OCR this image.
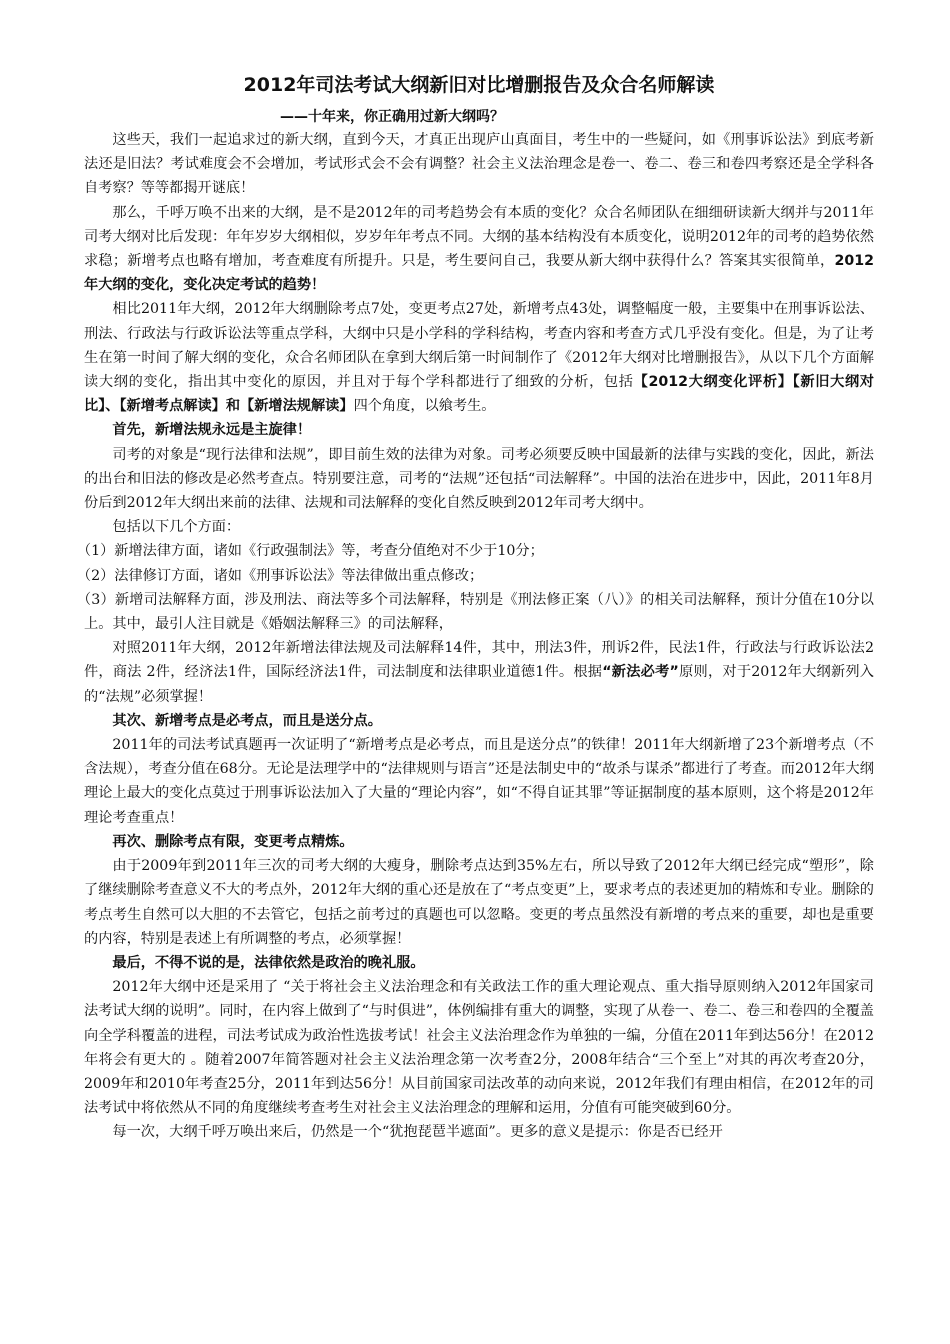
2012年司法考试大纲新旧对比增删报告及众合名师解读
——十年来，你正确用过新大纲吗？

这些天，我们一起追求过的新大纲，直到今天，才真正出现庐山真面目，考生中的一些疑问，如《刑事诉讼法》到底考新法还是旧法？考试难度会不会增加，考试形式会不会有调整？社会主义法治理念是卷一、卷二、卷三和卷四考察还是全学科各自考察？等等都揭开谜底！

那么，千呼万唤不出来的大纲，是不是2012年的司考趋势会有本质的变化？众合名师团队在细细研读新大纲并与2011年司考大纲对比后发现：年年岁岁大纲相似，岁岁年年考点不同。大纲的基本结构没有本质变化，说明2012年的司考的趋势依然求稳；新增考点也略有增加，考查难度有所提升。只是，考生要问自己，我要从新大纲中获得什么？答案其实很简单，2012年大纲的变化，变化决定考试的趋势！

相比2011年大纲，2012年大纲删除考点7处，变更考点27处，新增考点43处，调整幅度一般，主要集中在刑事诉讼法、刑法、行政法与行政诉讼法等重点学科，大纲中只是小学科的学科结构，考查内容和考查方式几乎没有变化。但是，为了让考生在第一时间了解大纲的变化，众合名师团队在拿到大纲后第一时间制作了《2012年大纲对比增删报告》，从以下几个方面解读大纲的变化，指出其中变化的原因，并且对于每个学科都进行了细致的分析，包括【2012大纲变化评析】【新旧大纲对比】、【新增考点解读】和【新增法规解读】四个角度，以飨考生。

首先，新增法规永远是主旋律！

司考的对象是“现行法律和法规”，即目前生效的法律为对象。司考必须要反映中国最新的法律与实践的变化，因此，新法的出台和旧法的修改是必然考查点。特别要注意，司考的“法规”还包括“司法解释”。中国的法治在进步中，因此，2011年8月份后到2012年大纲出来前的法律、法规和司法解释的变化自然反映到2012年司考大纲中。

包括以下几个方面：

（1）新增法律方面，诸如《行政强制法》等，考查分值绝对不少于10分；

（2）法律修订方面，诸如《刑事诉讼法》等法律做出重点修改；

（3）新增司法解释方面，涉及刑法、商法等多个司法解释，特别是《刑法修正案（八）》的相关司法解释，预计分值在10分以上。其中，最引人注目就是《婚姻法解释三》的司法解释，

对照2011年大纲，2012年新增法律法规及司法解释14件，其中，刑法3件，刑诉2件，民法1件，行政法与行政诉讼法2件，商法 2件，经济法1件，国际经济法1件，司法制度和法律职业道德1件。根据“新法必考”原则，对于2012年大纲新列入的“法规”必须掌握！

其次、新增考点是必考点，而且是送分点。

2011年的司法考试真题再一次证明了“新增考点是必考点，而且是送分点”的铁律！2011年大纲新增了23个新增考点（不含法规），考查分值在68分。无论是法理学中的“法律规则与语言”还是法制史中的“故杀与谋杀”都进行了考查。而2012年大纲理论上最大的变化点莫过于刑事诉讼法加入了大量的“理论内容”，如“不得自证其罪”等证据制度的基本原则，这个将是2012年理论考查重点！

再次、删除考点有限，变更考点精炼。

由于2009年到2011年三次的司考大纲的大瘦身，删除考点达到35%左右，所以导致了2012年大纲已经完成“塑形”，除了继续删除考查意义不大的考点外，2012年大纲的重心还是放在了“考点变更”上，要求考点的表述更加的精炼和专业。删除的考点考生自然可以大胆的不去管它，包括之前考过的真题也可以忽略。变更的考点虽然没有新增的考点来的重要，却也是重要的内容，特别是表述上有所调整的考点，必须掌握！

最后，不得不说的是，法律依然是政治的晚礼服。

2012年大纲中还是采用了 “关于将社会主义法治理念和有关政法工作的重大理论观点、重大指导原则纳入2012年国家司法考试大纲的说明”。同时，在内容上做到了“与时俱进”，体例编排有重大的调整，实现了从卷一、卷二、卷三和卷四的全覆盖向全学科覆盖的进程，司法考试成为政治性选拔考试！社会主义法治理念作为单独的一编，分值在2011年到达56分！在2012年将会有更大的 。随着2007年简答题对社会主义法治理念第一次考查2分，2008年结合“三个至上”对其的再次考查20分，2009年和2010年考查25分，2011年到达56分！从目前国家司法改革的动向来说，2012年我们有理由相信，在2012年的司法考试中将依然从不同的角度继续考查考生对社会主义法治理念的理解和运用，分值有可能突破到60分。

每一次，大纲千呼万唤出来后，仍然是一个“犹抱琵琶半遮面”。更多的意义是提示：你是否已经开
